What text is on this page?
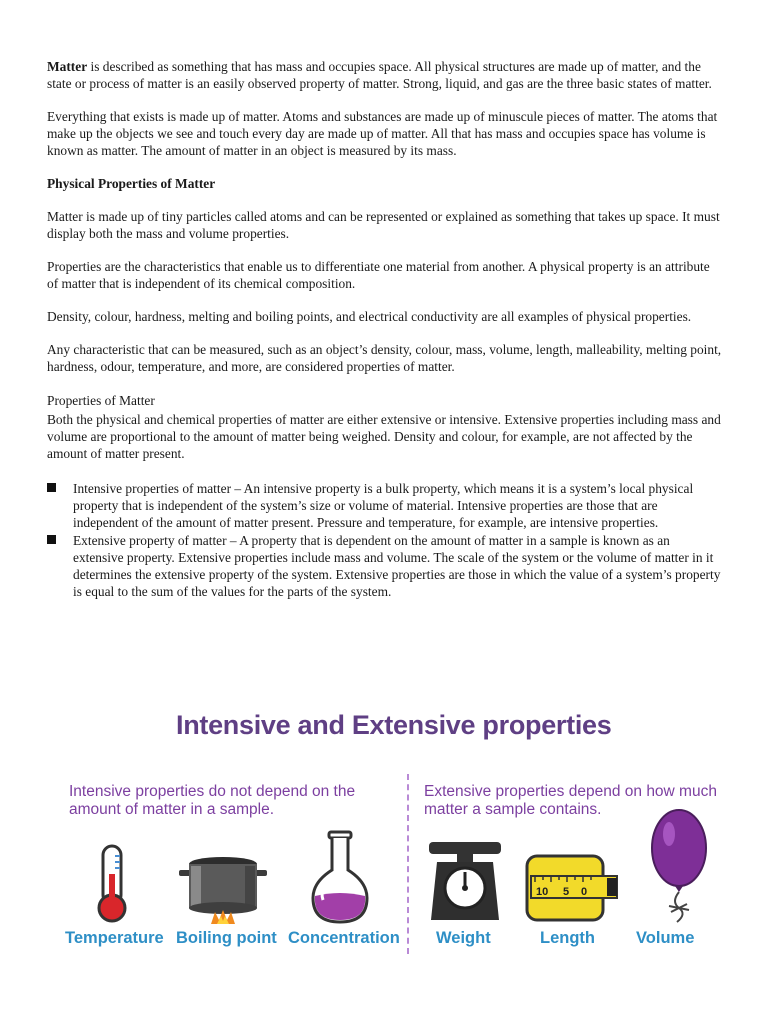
Matter is described as something that has mass and occupies space. All physical structures are made up of matter, and the state or process of matter is an easily observed property of matter. Strong, liquid, and gas are the three basic states of matter.

Everything that exists is made up of matter. Atoms and substances are made up of minuscule pieces of matter. The atoms that make up the objects we see and touch every day are made up of matter. All that has mass and occupies space has volume is known as matter. The amount of matter in an object is measured by its mass.

Physical Properties of Matter

Matter is made up of tiny particles called atoms and can be represented or explained as something that takes up space. It must display both the mass and volume properties.

Properties are the characteristics that enable us to differentiate one material from another. A physical property is an attribute of matter that is independent of its chemical composition.

Density, colour, hardness, melting and boiling points, and electrical conductivity are all examples of physical properties.

Any characteristic that can be measured, such as an object’s density, colour, mass, volume, length, malleability, melting point, hardness, odour, temperature, and more, are considered properties of matter.

Properties of Matter

Both the physical and chemical properties of matter are either extensive or intensive. Extensive properties including mass and volume are proportional to the amount of matter being weighed. Density and colour, for example, are not affected by the amount of matter present.

Intensive properties of matter – An intensive property is a bulk property, which means it is a system’s local physical property that is independent of the system’s size or volume of material. Intensive properties are those that are independent of the amount of matter present. Pressure and temperature, for example, are intensive properties.
Extensive property of matter – A property that is dependent on the amount of matter in a sample is known as an extensive property. Extensive properties include mass and volume. The scale of the system or the volume of matter in it determines the extensive property of the system. Extensive properties are those in which the value of a system’s property is equal to the sum of the values for the parts of the system.
Intensive and Extensive properties
Intensive properties do not depend on the amount of matter in a sample.
Extensive properties depend on how much matter a sample contains.
10 5 0
Temperature Boiling point Concentration Weight	Length Volume
